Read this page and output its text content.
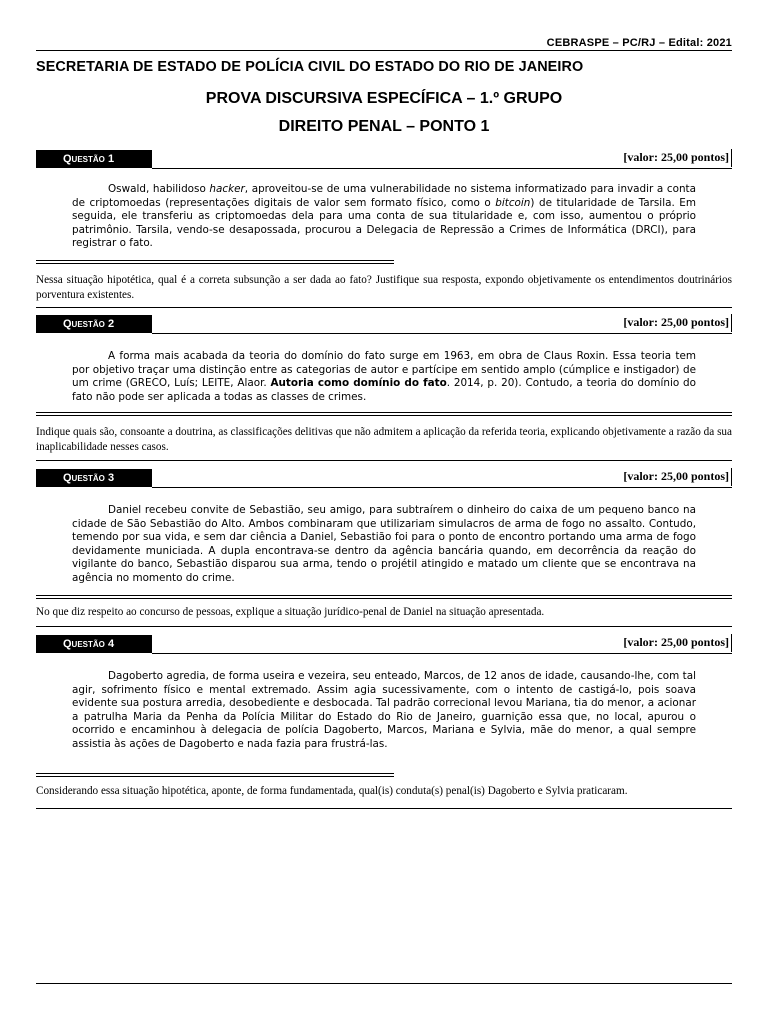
CEBRASPE – PC/RJ – Edital: 2021
SECRETARIA DE ESTADO DE POLÍCIA CIVIL DO ESTADO DO RIO DE JANEIRO
PROVA DISCURSIVA ESPECÍFICA – 1.º GRUPO
DIREITO PENAL – PONTO 1
Questão 1	[valor: 25,00 pontos]

Oswald, habilidoso hacker, aproveitou-se de uma vulnerabilidade no sistema informatizado para invadir a conta de criptomoedas (representações digitais de valor sem formato físico, como o bitcoin) de titularidade de Tarsila. Em seguida, ele transferiu as criptomoedas dela para uma conta de sua titularidade e, com isso, aumentou o próprio patrimônio. Tarsila, vendo-se desapossada, procurou a Delegacia de Repressão a Crimes de Informática (DRCI), para registrar o fato.

Nessa situação hipotética, qual é a correta subsunção a ser dada ao fato? Justifique sua resposta, expondo objetivamente os entendimentos doutrinários porventura existentes.

Questão 2	[valor: 25,00 pontos]

A forma mais acabada da teoria do domínio do fato surge em 1963, em obra de Claus Roxin. Essa teoria tem por objetivo traçar uma distinção entre as categorias de autor e partícipe em sentido amplo (cúmplice e instigador) de um crime (GRECO, Luís; LEITE, Alaor. Autoria como domínio do fato. 2014, p. 20). Contudo, a teoria do domínio do fato não pode ser aplicada a todas as classes de crimes.

Indique quais são, consoante a doutrina, as classificações delitivas que não admitem a aplicação da referida teoria, explicando objetivamente a razão da sua inaplicabilidade nesses casos.

Questão 3	[valor: 25,00 pontos]

Daniel recebeu convite de Sebastião, seu amigo, para subtraírem o dinheiro do caixa de um pequeno banco na cidade de São Sebastião do Alto. Ambos combinaram que utilizariam simulacros de arma de fogo no assalto. Contudo, temendo por sua vida, e sem dar ciência a Daniel, Sebastião foi para o ponto de encontro portando uma arma de fogo devidamente municiada. A dupla encontrava-se dentro da agência bancária quando, em decorrência da reação do vigilante do banco, Sebastião disparou sua arma, tendo o projétil atingido e matado um cliente que se encontrava na agência no momento do crime.

No que diz respeito ao concurso de pessoas, explique a situação jurídico-penal de Daniel na situação apresentada.

Questão 4	[valor: 25,00 pontos]

Dagoberto agredia, de forma useira e vezeira, seu enteado, Marcos, de 12 anos de idade, causando-lhe, com tal agir, sofrimento físico e mental extremado. Assim agia sucessivamente, com o intento de castigá-lo, pois soava evidente sua postura arredia, desobediente e desbocada. Tal padrão correcional levou Mariana, tia do menor, a acionar a patrulha Maria da Penha da Polícia Militar do Estado do Rio de Janeiro, guarnição essa que, no local, apurou o ocorrido e encaminhou à delegacia de polícia Dagoberto, Marcos, Mariana e Sylvia, mãe do menor, a qual sempre assistia às ações de Dagoberto e nada fazia para frustrá-las.

Considerando essa situação hipotética, aponte, de forma fundamentada, qual(is) conduta(s) penal(is) Dagoberto e Sylvia praticaram.
